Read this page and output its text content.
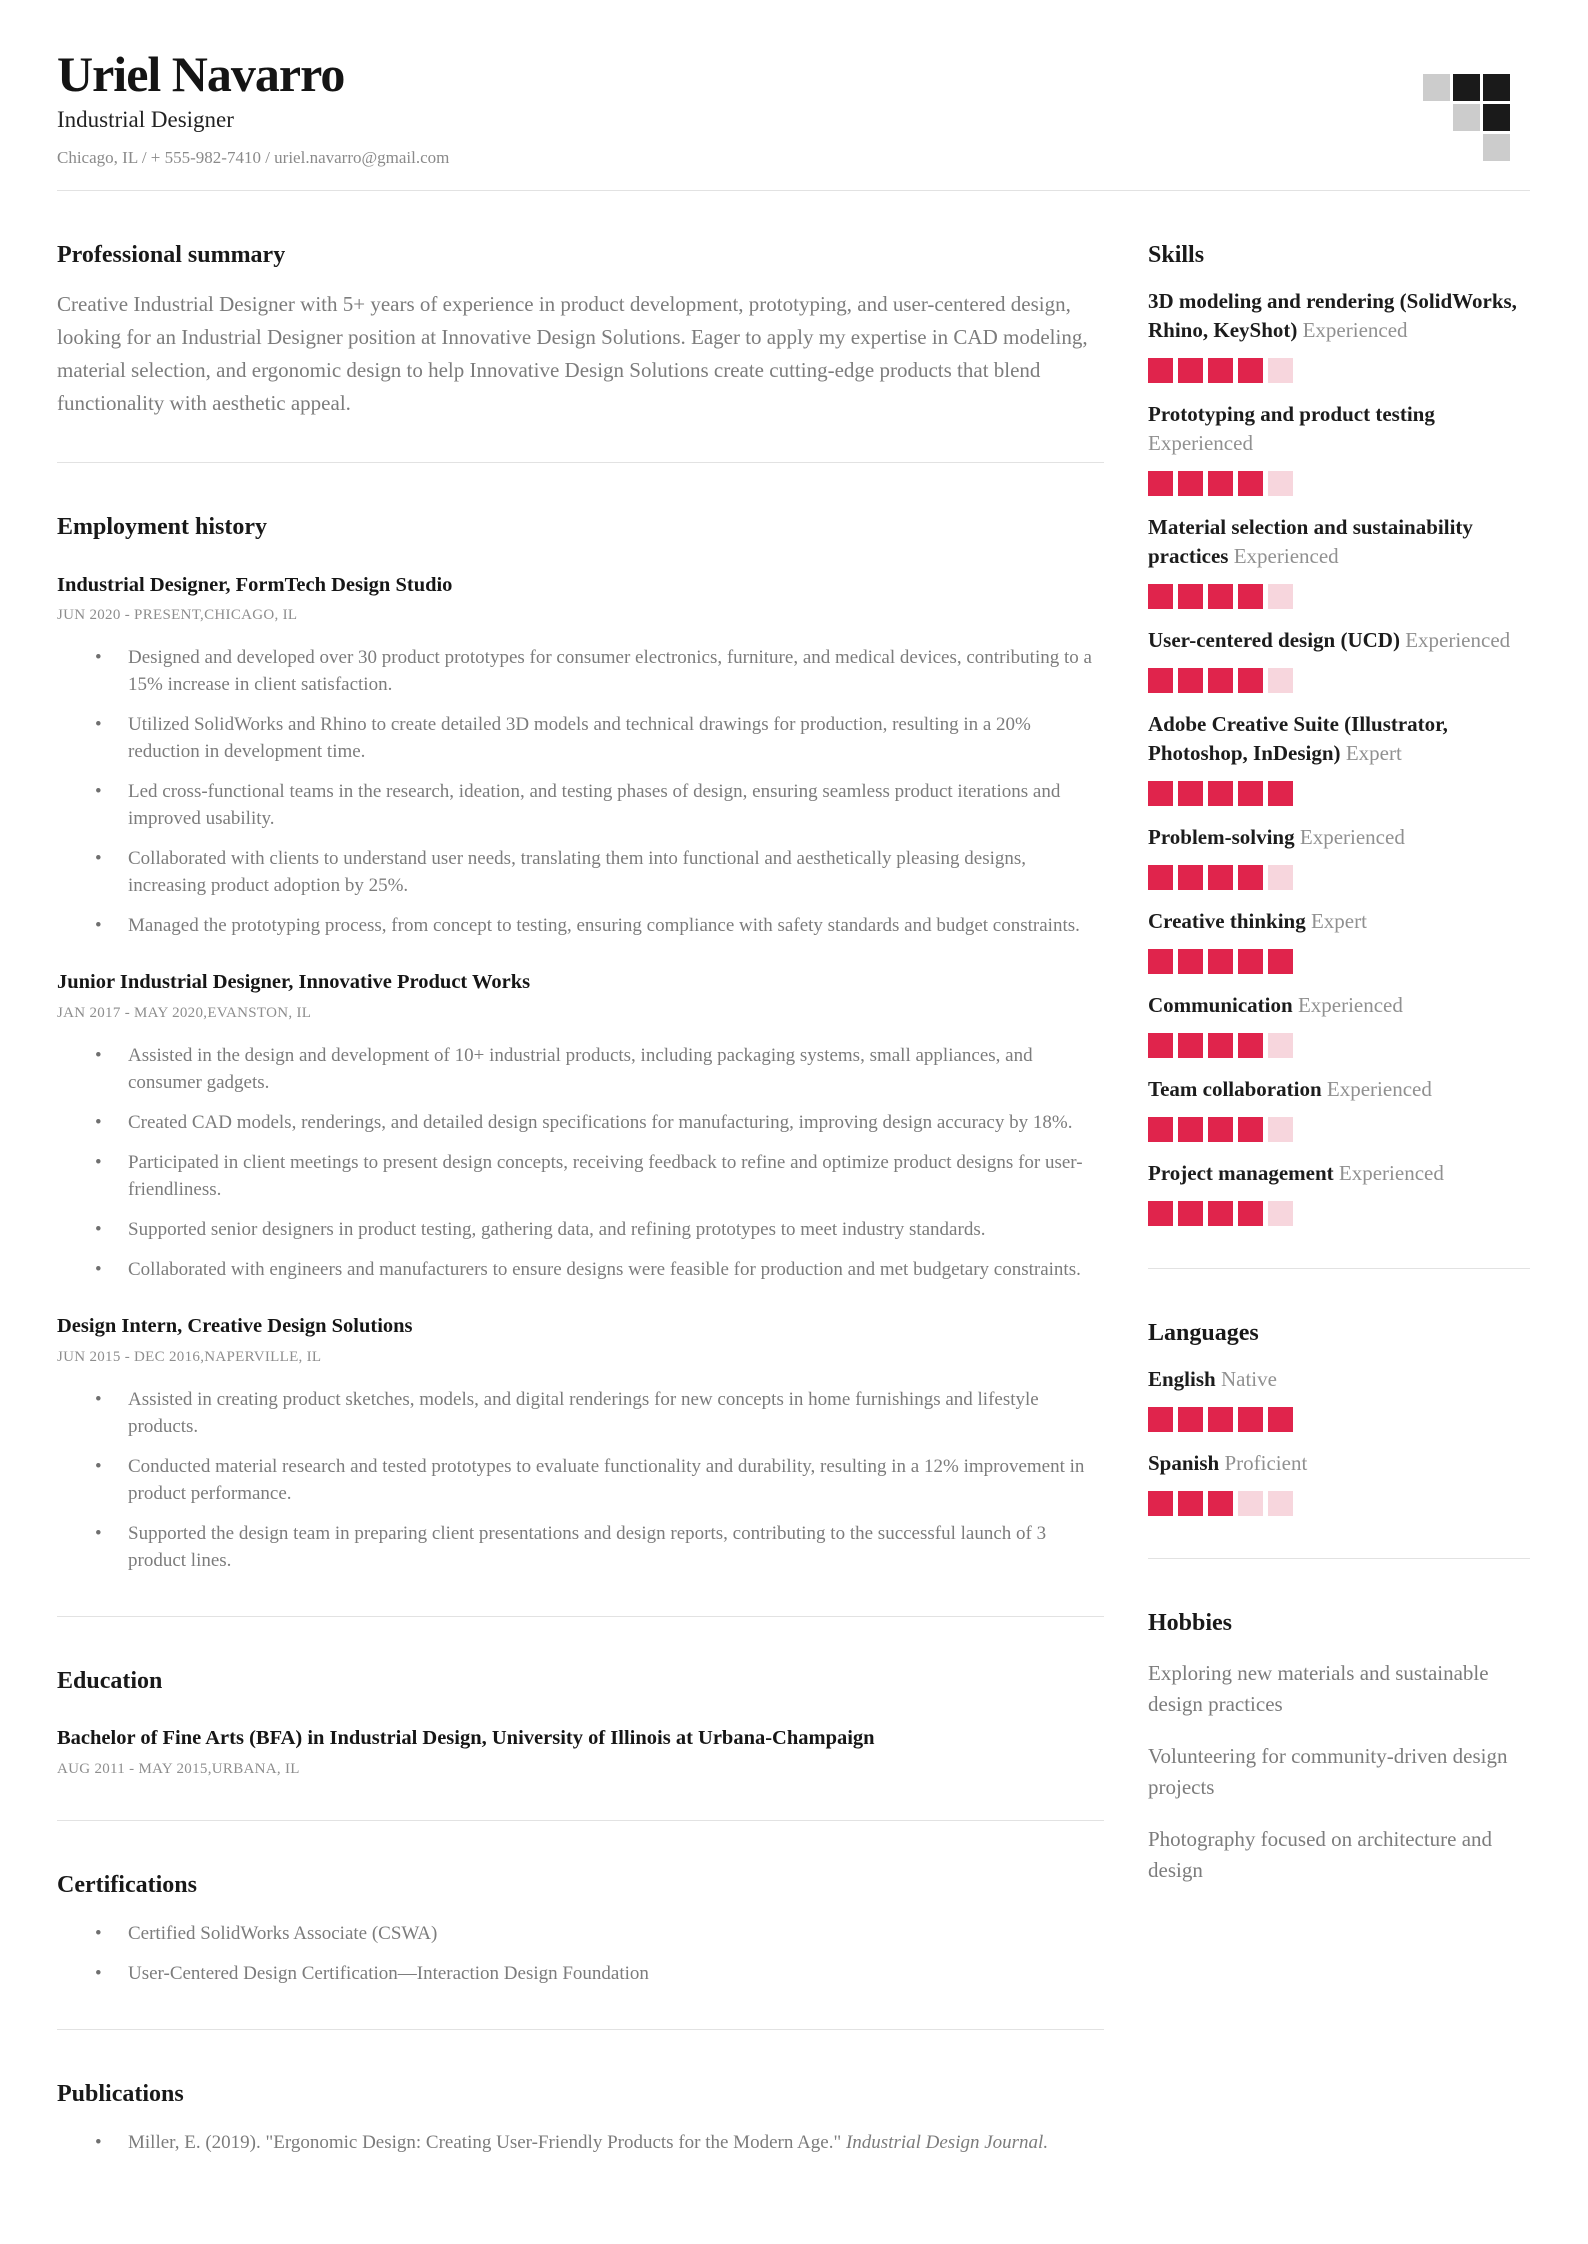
Uriel Navarro
Industrial Designer
Chicago, IL / + 555-982-7410 / uriel.navarro@gmail.com
Professional summary

Creative Industrial Designer with 5+ years of experience in product development, prototyping, and user-centered design, looking for an Industrial Designer position at Innovative Design Solutions. Eager to apply my expertise in CAD modeling, material selection, and ergonomic design to help Innovative Design Solutions create cutting-edge products that blend functionality with aesthetic appeal.

Employment history
Industrial Designer, FormTech Design Studio
JUN 2020 - PRESENT,CHICAGO, IL
• Designed and developed over 30 product prototypes for consumer electronics, furniture, and medical devices, contributing to a 15% increase in client satisfaction.
• Utilized SolidWorks and Rhino to create detailed 3D models and technical drawings for production, resulting in a 20% reduction in development time.
• Led cross-functional teams in the research, ideation, and testing phases of design, ensuring seamless product iterations and improved usability.
• Collaborated with clients to understand user needs, translating them into functional and aesthetically pleasing designs, increasing product adoption by 25%.
• Managed the prototyping process, from concept to testing, ensuring compliance with safety standards and budget constraints.
Junior Industrial Designer, Innovative Product Works
JAN 2017 - MAY 2020,EVANSTON, IL
• Assisted in the design and development of 10+ industrial products, including packaging systems, small appliances, and consumer gadgets.
• Created CAD models, renderings, and detailed design specifications for manufacturing, improving design accuracy by 18%.
• Participated in client meetings to present design concepts, receiving feedback to refine and optimize product designs for user-friendliness.
• Supported senior designers in product testing, gathering data, and refining prototypes to meet industry standards.
• Collaborated with engineers and manufacturers to ensure designs were feasible for production and met budgetary constraints.
Design Intern, Creative Design Solutions
JUN 2015 - DEC 2016,NAPERVILLE, IL
• Assisted in creating product sketches, models, and digital renderings for new concepts in home furnishings and lifestyle products.
• Conducted material research and tested prototypes to evaluate functionality and durability, resulting in a 12% improvement in product performance.
• Supported the design team in preparing client presentations and design reports, contributing to the successful launch of 3 product lines.
Education
Bachelor of Fine Arts (BFA) in Industrial Design, University of Illinois at Urbana-Champaign
AUG 2011 - MAY 2015,URBANA, IL
Certifications
• Certified SolidWorks Associate (CSWA)
• User-Centered Design Certification—Interaction Design Foundation
Publications
• Miller, E. (2019). "Ergonomic Design: Creating User-Friendly Products for the Modern Age." Industrial Design Journal.
Skills
3D modeling and rendering (SolidWorks, Rhino, KeyShot) Experienced
Prototyping and product testing Experienced
Material selection and sustainability practices Experienced
User-centered design (UCD) Experienced
Adobe Creative Suite (Illustrator, Photoshop, InDesign) Expert
Problem-solving Experienced
Creative thinking Expert
Communication Experienced
Team collaboration Experienced
Project management Experienced
Languages
English Native
Spanish Proficient
Hobbies

Exploring new materials and sustainable design practices

Volunteering for community-driven design projects

Photography focused on architecture and design
